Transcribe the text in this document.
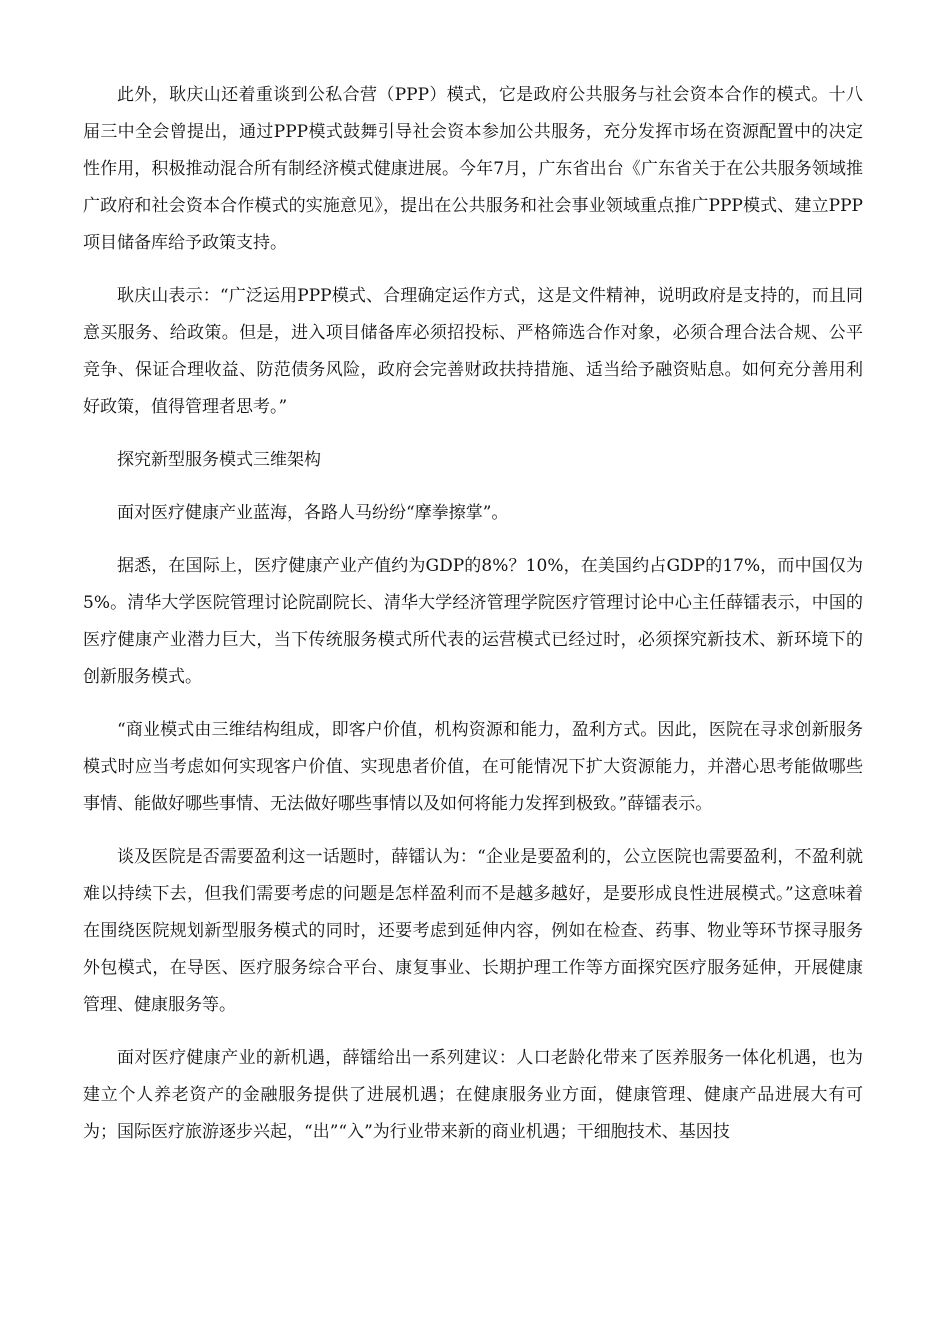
此外，耿庆山还着重谈到公私合营（PPP）模式，它是政府公共服务与社会资本合作的模式。十八届三中全会曾提出，通过PPP模式鼓舞引导社会资本参加公共服务，充分发挥市场在资源配置中的决定性作用，积极推动混合所有制经济模式健康进展。今年7月，广东省出台《广东省关于在公共服务领域推广政府和社会资本合作模式的实施意见》，提出在公共服务和社会事业领域重点推广PPP模式、建立PPP项目储备库给予政策支持。

耿庆山表示：“广泛运用PPP模式、合理确定运作方式，这是文件精神，说明政府是支持的，而且同意买服务、给政策。但是，进入项目储备库必须招投标、严格筛选合作对象，必须合理合法合规、公平竞争、保证合理收益、防范债务风险，政府会完善财政扶持措施、适当给予融资贴息。如何充分善用利好政策，值得管理者思考。”

探究新型服务模式三维架构

面对医疗健康产业蓝海，各路人马纷纷“摩拳擦掌”。

据悉，在国际上，医疗健康产业产值约为GDP的8%？10%，在美国约占GDP的17%，而中国仅为5%。清华大学医院管理讨论院副院长、清华大学经济管理学院医疗管理讨论中心主任薛镭表示，中国的医疗健康产业潜力巨大，当下传统服务模式所代表的运营模式已经过时，必须探究新技术、新环境下的创新服务模式。

“商业模式由三维结构组成，即客户价值，机构资源和能力，盈利方式。因此，医院在寻求创新服务模式时应当考虑如何实现客户价值、实现患者价值，在可能情况下扩大资源能力，并潜心思考能做哪些事情、能做好哪些事情、无法做好哪些事情以及如何将能力发挥到极致。”薛镭表示。

谈及医院是否需要盈利这一话题时，薛镭认为：“企业是要盈利的，公立医院也需要盈利，不盈利就难以持续下去，但我们需要考虑的问题是怎样盈利而不是越多越好，是要形成良性进展模式。”这意味着在围绕医院规划新型服务模式的同时，还要考虑到延伸内容，例如在检查、药事、物业等环节探寻服务外包模式，在导医、医疗服务综合平台、康复事业、长期护理工作等方面探究医疗服务延伸，开展健康管理、健康服务等。

面对医疗健康产业的新机遇，薛镭给出一系列建议：人口老龄化带来了医养服务一体化机遇，也为建立个人养老资产的金融服务提供了进展机遇；在健康服务业方面，健康管理、健康产品进展大有可为；国际医疗旅游逐步兴起，“出”“入”为行业带来新的商业机遇；干细胞技术、基因技
